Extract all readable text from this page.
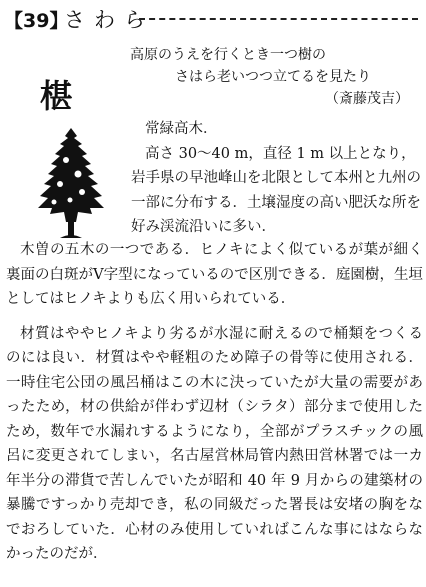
【39】
さわら
高原のうえを行くとき一つ樹の
さはら老いつつ立てるを見たり
（斎藤茂吉）
椹

常緑高木．

高さ 30～40 m，直径 1 m 以上となり，岩手県の早池峰山を北限として本州と九州の一部に分布する．土壌湿度の高い肥沃な所を好み渓流沿いに多い．

木曽の五木の一つである．ヒノキによく似ているが葉が細く裏面の白斑がV字型になっているので区別できる．庭園樹，生垣としてはヒノキよりも広く用いられている．

材質はややヒノキより劣るが水湿に耐えるので桶類をつくるのには良い．材質はやや軽粗のため障子の骨等に使用される．一時住宅公団の風呂桶はこの木に決っていたが大量の需要があったため，材の供給が伴わず辺材（シラタ）部分まで使用したため，数年で水漏れするようになり，全部がプラスチックの風呂に変更されてしまい，名古屋営林局管内熱田営林署では一カ年半分の滞貨で苦しんでいたが昭和 40 年 9 月からの建築材の暴騰ですっかり売却でき，私の同級だった署長は安堵の胸をなでおろしていた．心材のみ使用していればこんな事にはならなかったのだが．
